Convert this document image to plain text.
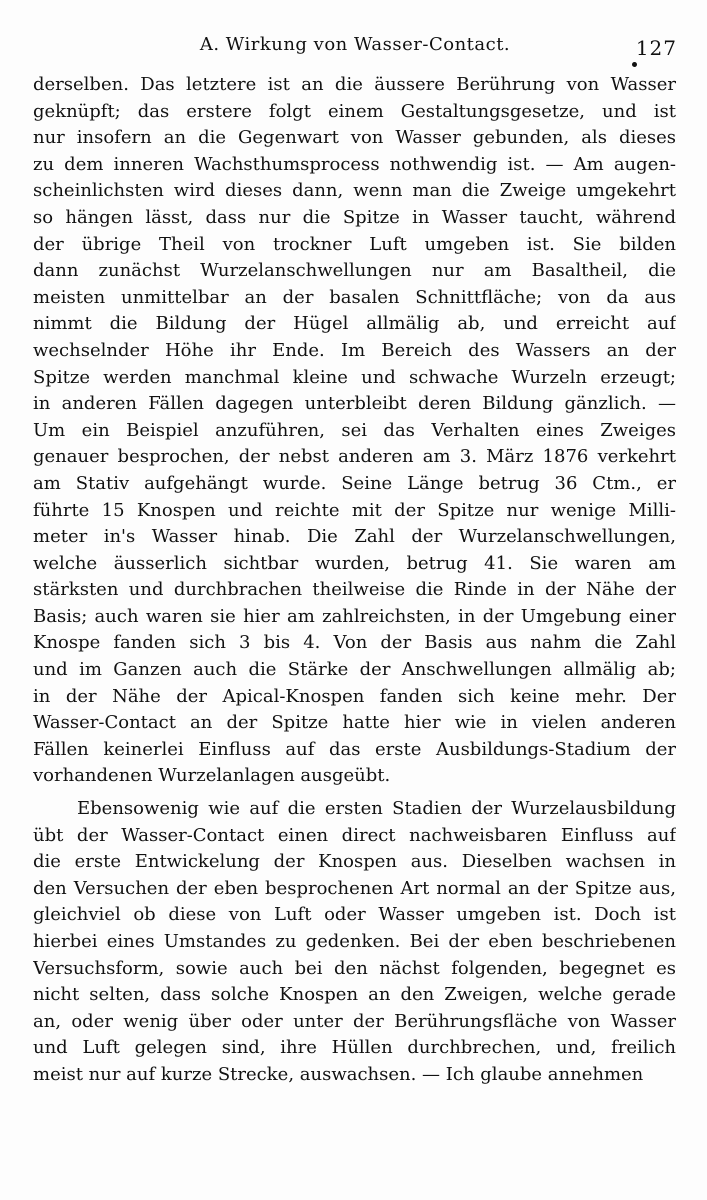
A. Wirkung von Wasser-Contact.	127
derselben. Das letztere ist an die äussere Berührung von Wasser
geknüpft; das erstere folgt einem Gestaltungsgesetze, und ist
nur insofern an die Gegenwart von Wasser gebunden, als dieses
zu dem inneren Wachsthumsprocess nothwendig ist. — Am augen-
scheinlichsten wird dieses dann, wenn man die Zweige umgekehrt
so hängen lässt, dass nur die Spitze in Wasser taucht, während
der übrige Theil von trockner Luft umgeben ist. Sie bilden
dann zunächst Wurzelanschwellungen nur am Basaltheil, die
meisten unmittelbar an der basalen Schnittfläche; von da aus
nimmt die Bildung der Hügel allmälig ab, und erreicht auf
wechselnder Höhe ihr Ende. Im Bereich des Wassers an der
Spitze werden manchmal kleine und schwache Wurzeln erzeugt;
in anderen Fällen dagegen unterbleibt deren Bildung gänzlich. —
Um ein Beispiel anzuführen, sei das Verhalten eines Zweiges
genauer besprochen, der nebst anderen am 3. März 1876 verkehrt
am Stativ aufgehängt wurde. Seine Länge betrug 36 Ctm., er
führte 15 Knospen und reichte mit der Spitze nur wenige Milli-
meter in's Wasser hinab. Die Zahl der Wurzelanschwellungen,
welche äusserlich sichtbar wurden, betrug 41. Sie waren am
stärksten und durchbrachen theilweise die Rinde in der Nähe der
Basis; auch waren sie hier am zahlreichsten, in der Umgebung einer
Knospe fanden sich 3 bis 4. Von der Basis aus nahm die Zahl
und im Ganzen auch die Stärke der Anschwellungen allmälig ab;
in der Nähe der Apical-Knospen fanden sich keine mehr. Der
Wasser-Contact an der Spitze hatte hier wie in vielen anderen
Fällen keinerlei Einfluss auf das erste Ausbildungs-Stadium der
vorhandenen Wurzelanlagen ausgeübt.
Ebensowenig wie auf die ersten Stadien der Wurzelausbildung
übt der Wasser-Contact einen direct nachweisbaren Einfluss auf
die erste Entwickelung der Knospen aus. Dieselben wachsen in
den Versuchen der eben besprochenen Art normal an der Spitze aus,
gleichviel ob diese von Luft oder Wasser umgeben ist. Doch ist
hierbei eines Umstandes zu gedenken. Bei der eben beschriebenen
Versuchsform, sowie auch bei den nächst folgenden, begegnet es
nicht selten, dass solche Knospen an den Zweigen, welche gerade
an, oder wenig über oder unter der Berührungsfläche von Wasser
und Luft gelegen sind, ihre Hüllen durchbrechen, und, freilich
meist nur auf kurze Strecke, auswachsen. — Ich glaube annehmen
